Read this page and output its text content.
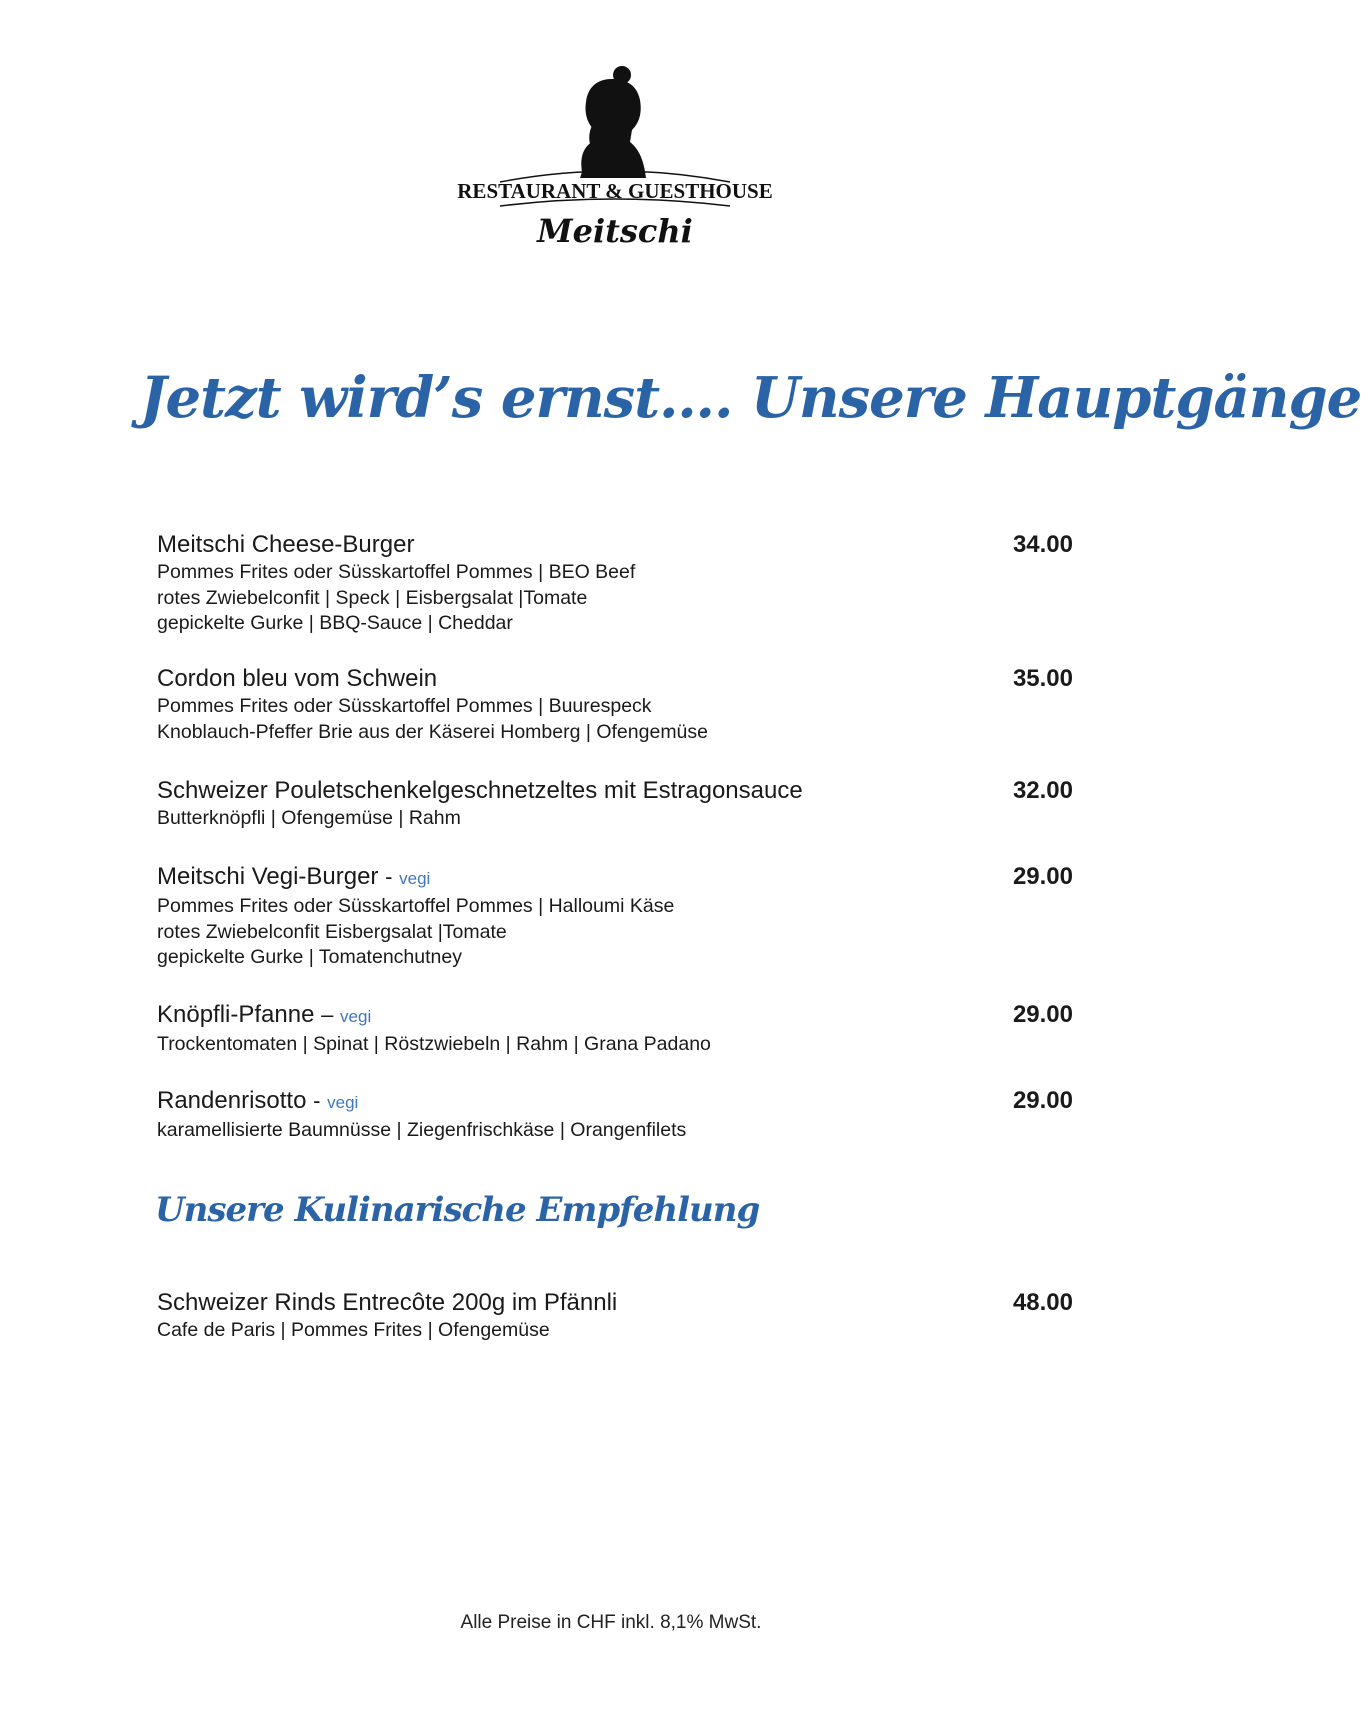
RESTAURANT & GUESTHOUSE
Meitschi
Jetzt wird’s ernst…. Unsere Hauptgänge
Meitschi Cheese-Burger
Pommes Frites oder Süsskartoffel Pommes | BEO Beef
rotes Zwiebelconfit | Speck | Eisbergsalat |Tomate
gepickelte Gurke | BBQ-Sauce | Cheddar
34.00
Cordon bleu vom Schwein
Pommes Frites oder Süsskartoffel Pommes | Buurespeck
Knoblauch-Pfeffer Brie aus der Käserei Homberg | Ofengemüse
35.00
Schweizer Pouletschenkelgeschnetzeltes mit Estragonsauce
Butterknöpfli | Ofengemüse | Rahm
32.00
Meitschi Vegi-Burger - vegi
Pommes Frites oder Süsskartoffel Pommes | Halloumi Käse
rotes Zwiebelconfit Eisbergsalat |Tomate
gepickelte Gurke | Tomatenchutney
29.00
Knöpfli-Pfanne – vegi
Trockentomaten | Spinat | Röstzwiebeln | Rahm | Grana Padano
29.00
Randenrisotto - vegi
karamellisierte Baumnüsse | Ziegenfrischkäse | Orangenfilets
29.00
Unsere Kulinarische Empfehlung
Schweizer Rinds Entrecôte 200g im Pfännli
Cafe de Paris | Pommes Frites | Ofengemüse
48.00
Alle Preise in CHF inkl. 8,1% MwSt.
